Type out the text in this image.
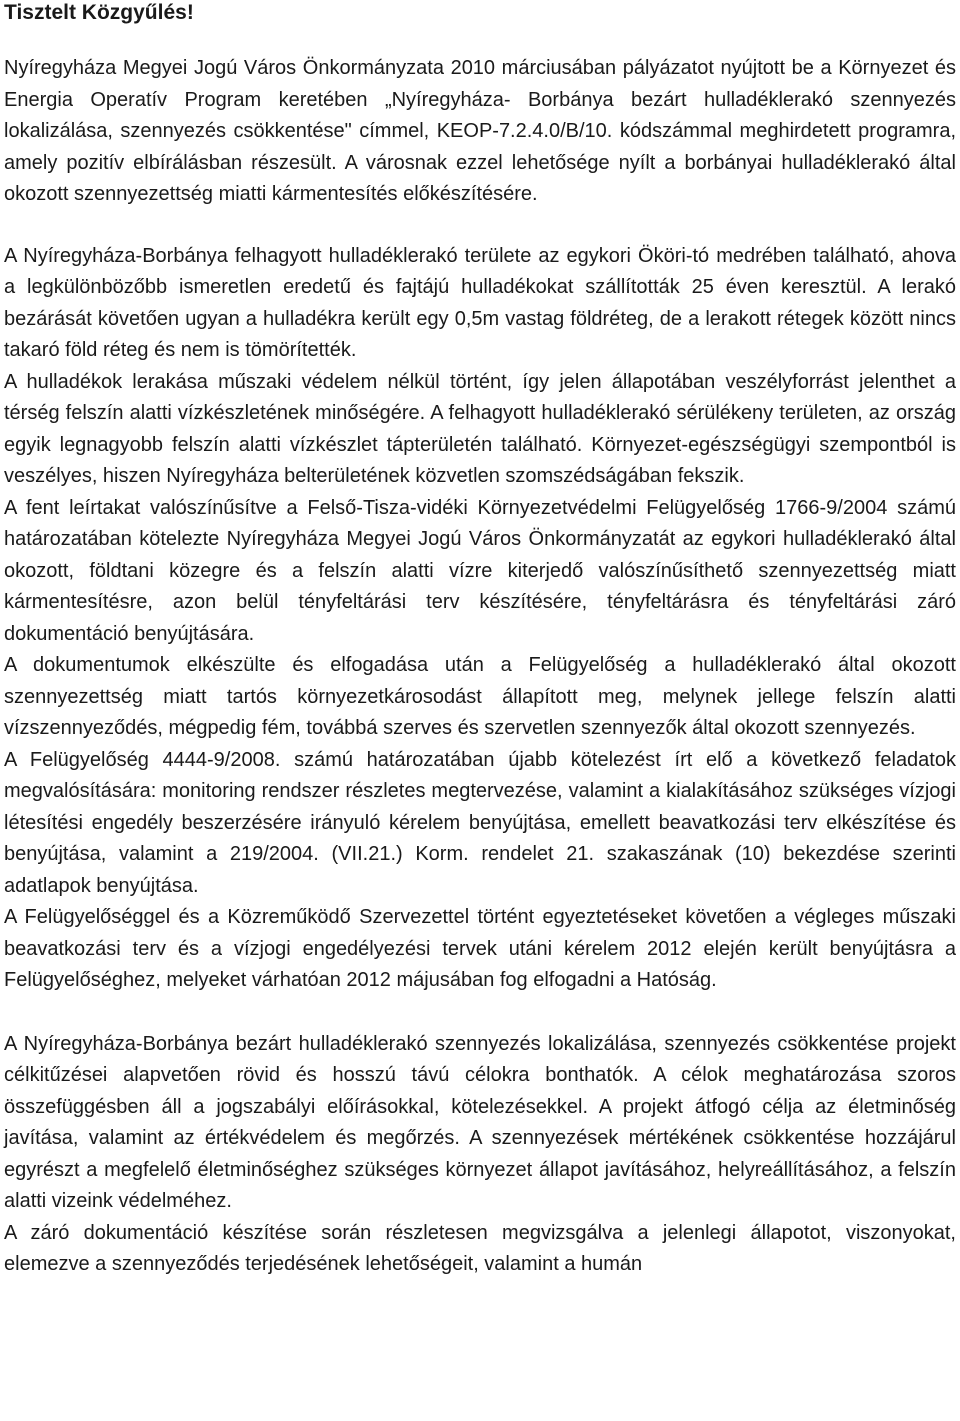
Tisztelt Közgyűlés!

Nyíregyháza Megyei Jogú Város Önkormányzata 2010 márciusában pályázatot nyújtott be a Környezet és Energia Operatív Program keretében „Nyíregyháza- Borbánya bezárt hulladéklerakó szennyezés lokalizálása, szennyezés csökkentése" címmel, KEOP-7.2.4.0/B/10. kódszámmal meghirdetett programra, amely pozitív elbírálásban részesült. A városnak ezzel lehetősége nyílt a borbányai hulladéklerakó által okozott szennyezettség miatti kármentesítés előkészítésére.

A Nyíregyháza-Borbánya felhagyott hulladéklerakó területe az egykori Ököri-tó medrében található, ahova a legkülönbözőbb ismeretlen eredetű és fajtájú hulladékokat szállították 25 éven keresztül. A lerakó bezárását követően ugyan a hulladékra került egy 0,5m vastag földréteg, de a lerakott rétegek között nincs takaró föld réteg és nem is tömörítették.

A hulladékok lerakása műszaki védelem nélkül történt, így jelen állapotában veszélyforrást jelenthet a térség felszín alatti vízkészletének minőségére. A felhagyott hulladéklerakó sérülékeny területen, az ország egyik legnagyobb felszín alatti vízkészlet tápterületén található. Környezet-egészségügyi szempontból is veszélyes, hiszen Nyíregyháza belterületének közvetlen szomszédságában fekszik.

A fent leírtakat valószínűsítve a Felső-Tisza-vidéki Környezetvédelmi Felügyelőség 1766-9/2004 számú határozatában kötelezte Nyíregyháza Megyei Jogú Város Önkormányzatát az egykori hulladéklerakó által okozott, földtani közegre és a felszín alatti vízre kiterjedő valószínűsíthető szennyezettség miatt kármentesítésre, azon belül tényfeltárási terv készítésére, tényfeltárásra és tényfeltárási záró dokumentáció benyújtására.

A dokumentumok elkészülte és elfogadása után a Felügyelőség a hulladéklerakó által okozott szennyezettség miatt tartós környezetkárosodást állapított meg, melynek jellege felszín alatti vízszennyeződés, mégpedig fém, továbbá szerves és szervetlen szennyezők által okozott szennyezés.

A Felügyelőség 4444-9/2008. számú határozatában újabb kötelezést írt elő a következő feladatok megvalósítására: monitoring rendszer részletes megtervezése, valamint a kialakításához szükséges vízjogi létesítési engedély beszerzésére irányuló kérelem benyújtása, emellett beavatkozási terv elkészítése és benyújtása, valamint a 219/2004. (VII.21.) Korm. rendelet 21. szakaszának (10) bekezdése szerinti adatlapok benyújtása.

A Felügyelőséggel és a Közreműködő Szervezettel történt egyeztetéseket követően a végleges műszaki beavatkozási terv és a vízjogi engedélyezési tervek utáni kérelem 2012 elején került benyújtásra a Felügyelőséghez, melyeket várhatóan 2012 májusában fog elfogadni a Hatóság.

A Nyíregyháza-Borbánya bezárt hulladéklerakó szennyezés lokalizálása, szennyezés csökkentése projekt célkitűzései alapvetően rövid és hosszú távú célokra bonthatók. A célok meghatározása szoros összefüggésben áll a jogszabályi előírásokkal, kötelezésekkel. A projekt átfogó célja az életminőség javítása, valamint az értékvédelem és megőrzés. A szennyezések mértékének csökkentése hozzájárul egyrészt a megfelelő életminőséghez szükséges környezet állapot javításához, helyreállításához, a felszín alatti vizeink védelméhez.

A záró dokumentáció készítése során részletesen megvizsgálva a jelenlegi állapotot, viszonyokat, elemezve a szennyeződés terjedésének lehetőségeit, valamint a humán
